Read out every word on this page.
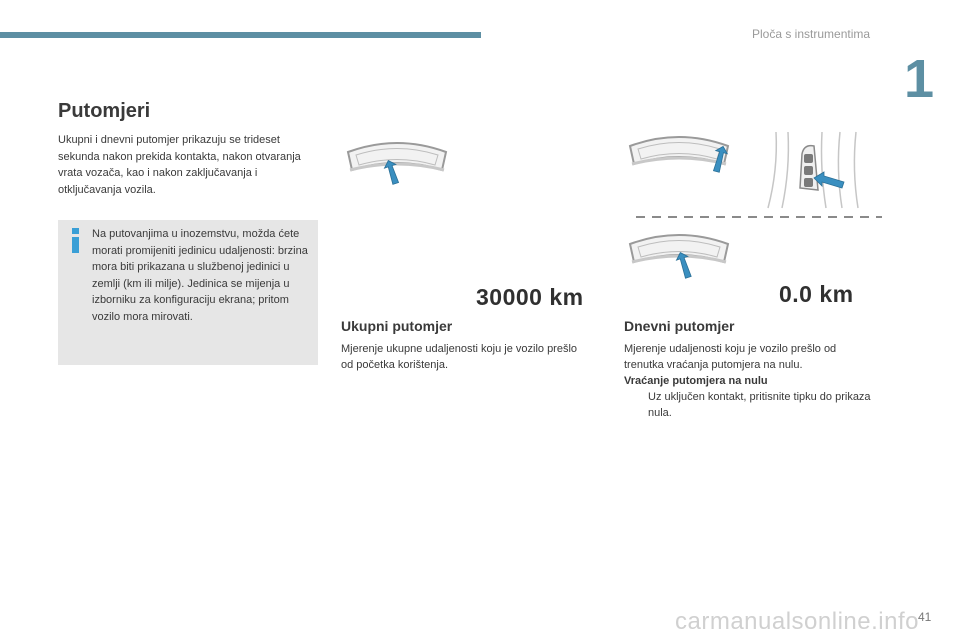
Ploča s instrumentima
1
Putomjeri
Ukupni i dnevni putomjer prikazuju se trideset sekunda nakon prekida kontakta, nakon otvaranja vrata vozača, kao i nakon zaključavanja i otključavanja vozila.
Na putovanjima u inozemstvu, možda ćete morati promijeniti jedinicu udaljenosti: brzina mora biti prikazana u službenoj jedinici u zemlji (km ili milje). Jedinica se mijenja u izborniku za konfiguraciju ekrana; pritom vozilo mora mirovati.
30000 km	0.0 km
Ukupni putomjer
Mjerenje ukupne udaljenosti koju je vozilo prešlo od početka korištenja.
Dnevni putomjer
Mjerenje udaljenosti koju je vozilo prešlo od trenutka vraćanja putomjera na nulu.
Vraćanje putomjera na nulu
Uz uključen kontakt, pritisnite tipku do prikaza nula.
carmanualsonline.info 41
